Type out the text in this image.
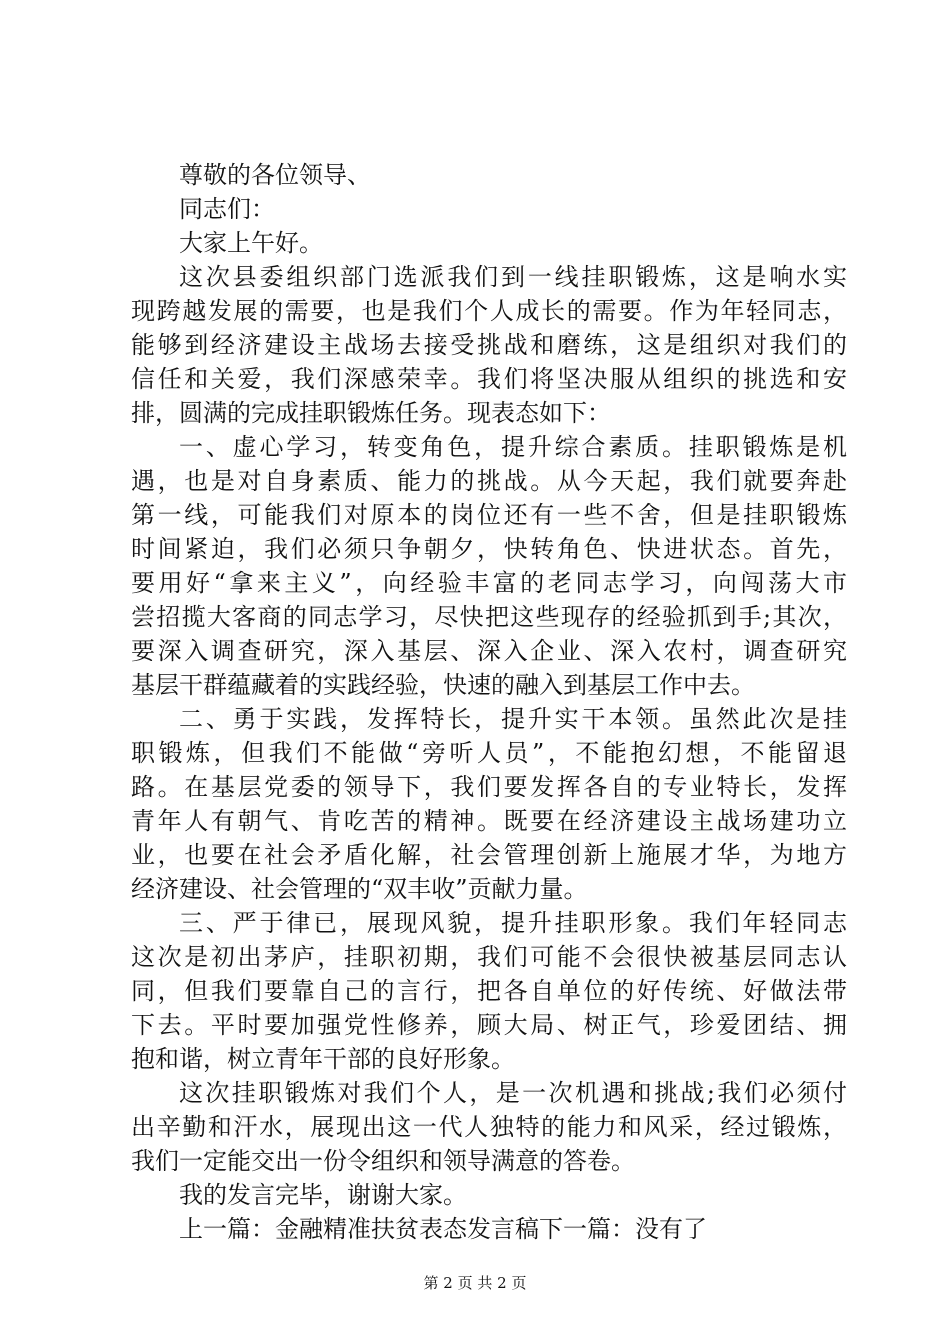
尊敬的各位领导、
同志们：
大家上午好。
这次县委组织部门选派我们到一线挂职锻炼，这是响水实
现跨越发展的需要，也是我们个人成长的需要。作为年轻同志，
能够到经济建设主战场去接受挑战和磨练，这是组织对我们的
信任和关爱，我们深感荣幸。我们将坚决服从组织的挑选和安
排，圆满的完成挂职锻炼任务。现表态如下：
一、虚心学习，转变角色，提升综合素质。挂职锻炼是机
遇，也是对自身素质、能力的挑战。从今天起，我们就要奔赴
第一线，可能我们对原本的岗位还有一些不舍，但是挂职锻炼
时间紧迫，我们必须只争朝夕，快转角色、快进状态。首先，
要用好“拿来主义”，向经验丰富的老同志学习，向闯荡大市
尝招揽大客商的同志学习，尽快把这些现存的经验抓到手;其次，
要深入调查研究，深入基层、深入企业、深入农村，调查研究
基层干群蕴藏着的实践经验，快速的融入到基层工作中去。
二、勇于实践，发挥特长，提升实干本领。虽然此次是挂
职锻炼，但我们不能做“旁听人员”，不能抱幻想，不能留退
路。在基层党委的领导下，我们要发挥各自的专业特长，发挥
青年人有朝气、肯吃苦的精神。既要在经济建设主战场建功立
业，也要在社会矛盾化解，社会管理创新上施展才华，为地方
经济建设、社会管理的“双丰收”贡献力量。
三、严于律已，展现风貌，提升挂职形象。我们年轻同志
这次是初出茅庐，挂职初期，我们可能不会很快被基层同志认
同，但我们要靠自己的言行，把各自单位的好传统、好做法带
下去。平时要加强党性修养，顾大局、树正气，珍爱团结、拥
抱和谐，树立青年干部的良好形象。
这次挂职锻炼对我们个人，是一次机遇和挑战;我们必须付
出辛勤和汗水，展现出这一代人独特的能力和风采，经过锻炼，
我们一定能交出一份令组织和领导满意的答卷。
我的发言完毕，谢谢大家。
上一篇：金融精准扶贫表态发言稿下一篇：没有了
第 2 页 共 2 页
